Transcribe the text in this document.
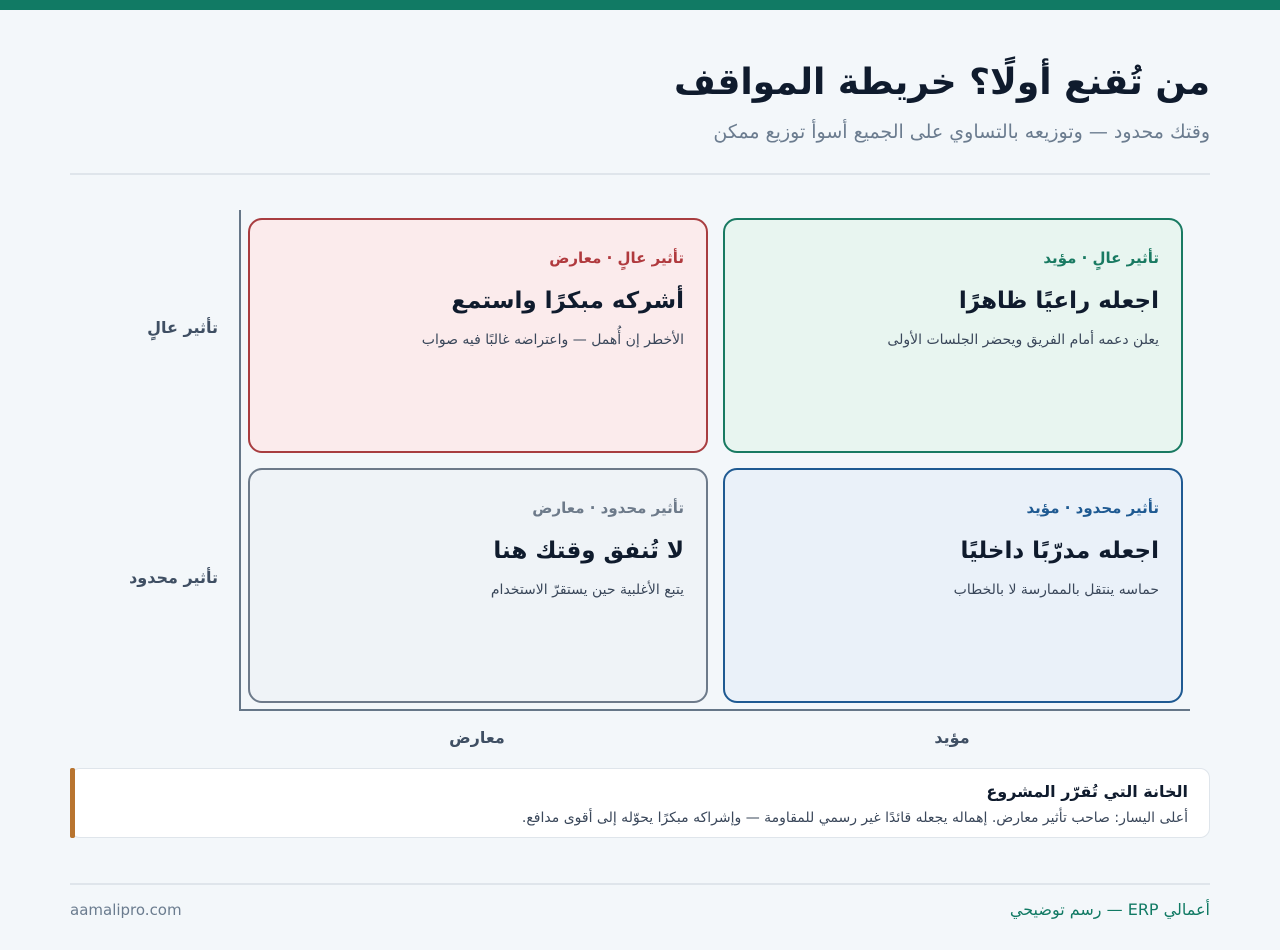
من تُقنع أولًا؟ خريطة المواقف

وقتك محدود — وتوزيعه بالتساوي على الجميع أسوأ توزيع ممكن

تأثير عالٍ
تأثير محدود
مؤيد
معارض
تأثير عالٍ · مؤيد
اجعله راعيًا ظاهرًا
يعلن دعمه أمام الفريق ويحضر الجلسات الأولى
تأثير عالٍ · معارض
أشركه مبكرًا واستمع
الأخطر إن أُهمل — واعتراضه غالبًا فيه صواب
تأثير محدود · مؤيد
اجعله مدرّبًا داخليًا
حماسه ينتقل بالممارسة لا بالخطاب
تأثير محدود · معارض
لا تُنفق وقتك هنا
يتبع الأغلبية حين يستقرّ الاستخدام
الخانة التي تُقرّر المشروع
أعلى اليسار: صاحب تأثير معارض. إهماله يجعله قائدًا غير رسمي للمقاومة — وإشراكه مبكرًا يحوّله إلى أقوى مدافع.
أعمالي ERP — رسم توضيحي
aamalipro.com
